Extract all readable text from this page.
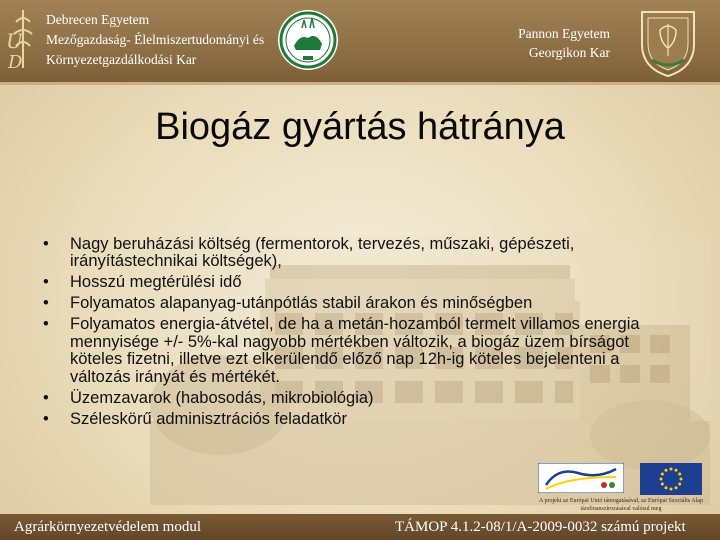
U
D
Debrecen Egyetem
Mezőgazdaság- Élelmiszertudományi és
Környezetgazdálkodási Kar
Pannon Egyetem
Georgikon Kar
Biogáz gyártás hátránya
• Nagy beruházási költség (fermentorok, tervezés, műszaki, gépészeti, irányítástechnikai költségek),
• Hosszú megtérülési idő
• Folyamatos alapanyag-utánpótlás stabil árakon és minőségben
• Folyamatos energia-átvétel, de ha a metán-hozamból termelt villamos energia mennyisége +/- 5%-kal nagyobb mértékben változik, a biogáz üzem bírságot köteles fizetni, illetve ezt elkerülendő előző nap 12h-ig köteles bejelenteni a változás irányát és mértékét.
• Üzemzavarok (habosodás, mikrobiológia)
• Széleskörű adminisztrációs feladatkör
A projekt az Európai Unió támogatásával, az Európai Szociális Alap társfinanszírozásával valósul meg
Agrárkörnyezetvédelem modul	TÁMOP 4.1.2-08/1/A-2009-0032 számú projekt
